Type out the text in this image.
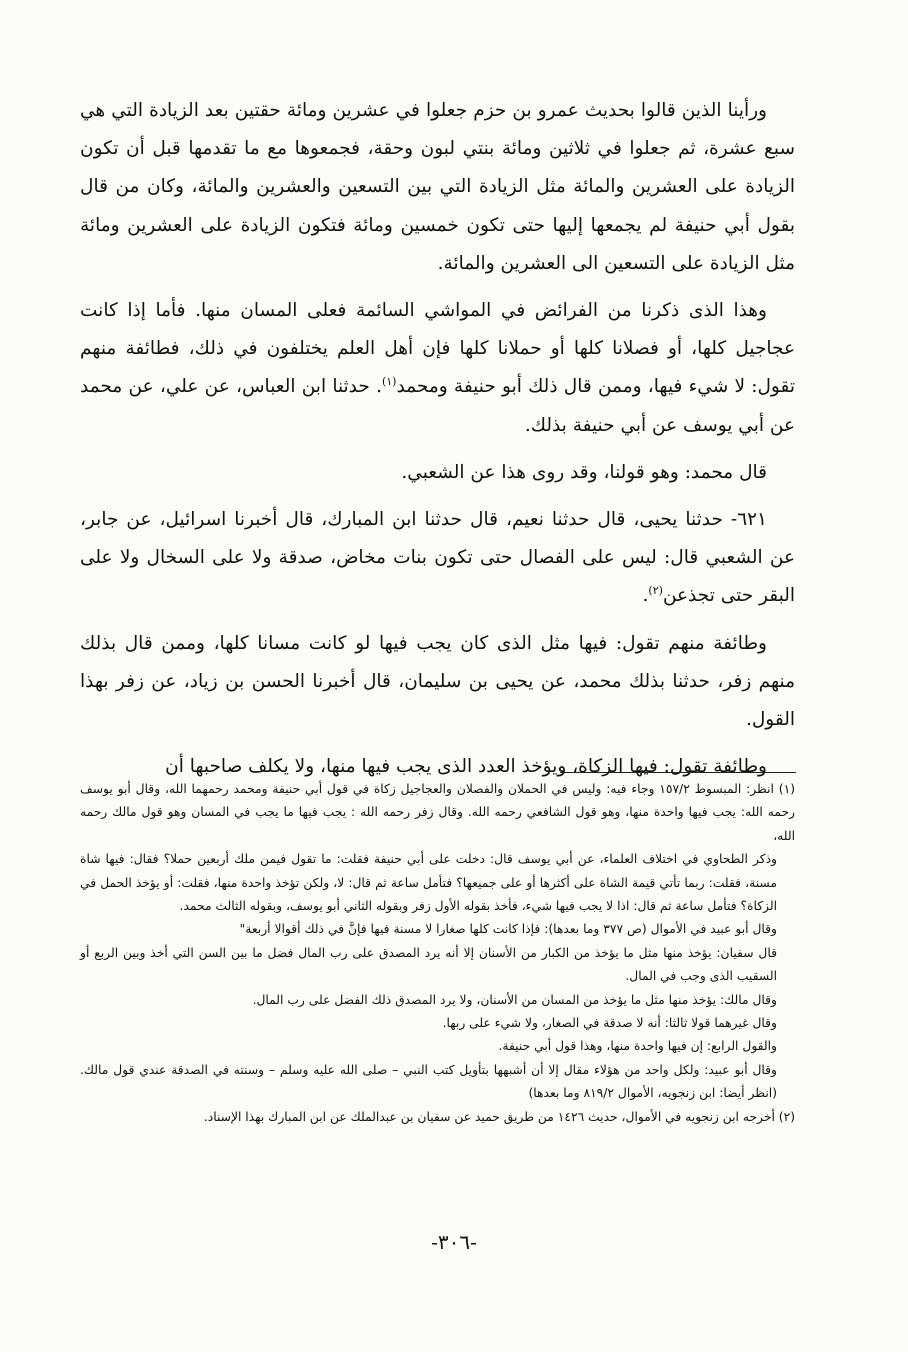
ورأينا الذين قالوا بحديث عمرو بن حزم جعلوا في عشرين ومائة حقتين بعد الزيادة التي هي سبع عشرة، ثم جعلوا في ثلاثين ومائة بنتي لبون وحقة، فجمعوها مع ما تقدمها قبل أن تكون الزيادة على العشرين والمائة مثل الزيادة التي بين التسعين والعشرين والمائة، وكان من قال بقول أبي حنيفة لم يجمعها إليها حتى تكون خمسين ومائة فتكون الزيادة على العشرين ومائة مثل الزيادة على التسعين الى العشرين والمائة.

وهذا الذى ذكرنا من الفرائض في المواشي السائمة فعلى المسان منها. فأما إذا كانت عجاجيل كلها، أو فصلانا كلها أو حملانا كلها فإن أهل العلم يختلفون في ذلك، فطائفة منهم تقول: لا شيء فيها، وممن قال ذلك أبو حنيفة ومحمد$^{(١)}$. حدثنا ابن العباس، عن علي، عن محمد عن أبي يوسف عن أبي حنيفة بذلك.

قال محمد: وهو قولنا، وقد روى هذا عن الشعبي.

٦٢١- حدثنا يحيى، قال حدثنا نعيم، قال حدثنا ابن المبارك، قال أخبرنا اسرائيل، عن جابر، عن الشعبي قال: ليس على الفصال حتى تكون بنات مخاض، صدقة ولا على السخال ولا على البقر حتى تجذعن$^{(٢)}$.

وطائفة منهم تقول: فيها مثل الذى كان يجب فيها لو كانت مسانا كلها، وممن قال بذلك منهم زفر، حدثنا بذلك محمد، عن يحيى بن سليمان، قال أخبرنا الحسن بن زياد، عن زفر بهذا القول.

وطائفة تقول: فيها الزكاة، ويؤخذ العدد الذى يجب فيها منها، ولا يكلف صاحبها أن

(١) انظر: المبسوط ١٥٧/٢ وجاء فيه: وليس في الحملان والفصلان والعجاجيل زكاة في قول أبي حنيفة ومحمد رحمهما الله، وقال أبو يوسف رحمه الله: يجب فيها واحدة منها، وهو قول الشافعي رحمه الله. وقال زفر رحمه الله : يجب فيها ما يجب في المسان وهو قول مالك رحمه الله،

وذكر الطحاوي في اختلاف العلماء، عن أبي يوسف قال: دخلت على أبي حنيفة فقلت: ما تقول فيمن ملك أربعين حملا؟ فقال: فيها شاة مسنة، فقلت: ربما تأتي قيمة الشاة على أكثرها أو على جميعها؟ فتأمل ساعة ثم قال: لا، ولكن تؤخذ واحدة منها، فقلت: أو يؤخذ الحمل في الزكاة؟ فتأمل ساعة ثم قال: اذا لا يجب فيها شيء، فأخذ بقوله الأول زفر وبقوله الثاني أبو يوسف، وبقوله الثالث محمد.

وقال أبو عبيد في الأموال (ص ٣٧٧ وما بعدها): فإذا كانت كلها صغارا لا مسنة فيها فإنَّ في ذلك أقوالا أربعة"

قال سفيان: يؤخذ منها مثل ما يؤخذ من الكبار من الأسنان إلا أنه يرد المصدق على رب المال فضل ما بين السن التي أخذ وبين الربع أو السقيب الذى وجب في المال.

وقال مالك: يؤخذ منها مثل ما يؤخذ من المسان من الأسنان، ولا يرد المصدق ذلك الفضل على رب المال.

وقال غيرهما قولا ثالثا: أنه لا صدقة في الصغار، ولا شيء على ربها.

والقول الرابع: إن فيها واحدة منها، وهذا قول أبي حنيفة.

وقال أبو عبيد: ولكل واحد من هؤلاء مقال إلا أن أشبهها بتأويل كتب النبي – صلى الله عليه وسلم – وسنته في الصدقة عندي قول مالك. (انظر أيضا: ابن زنجويه، الأموال ٨١٩/٢ وما بعدها)

(٢) أخرجه ابن زنجويه في الأموال، حديث ١٤٢٦ من طريق حميد عن سفيان بن عبدالملك عن ابن المبارك بهذا الإسناد.

-٣٠٦-
